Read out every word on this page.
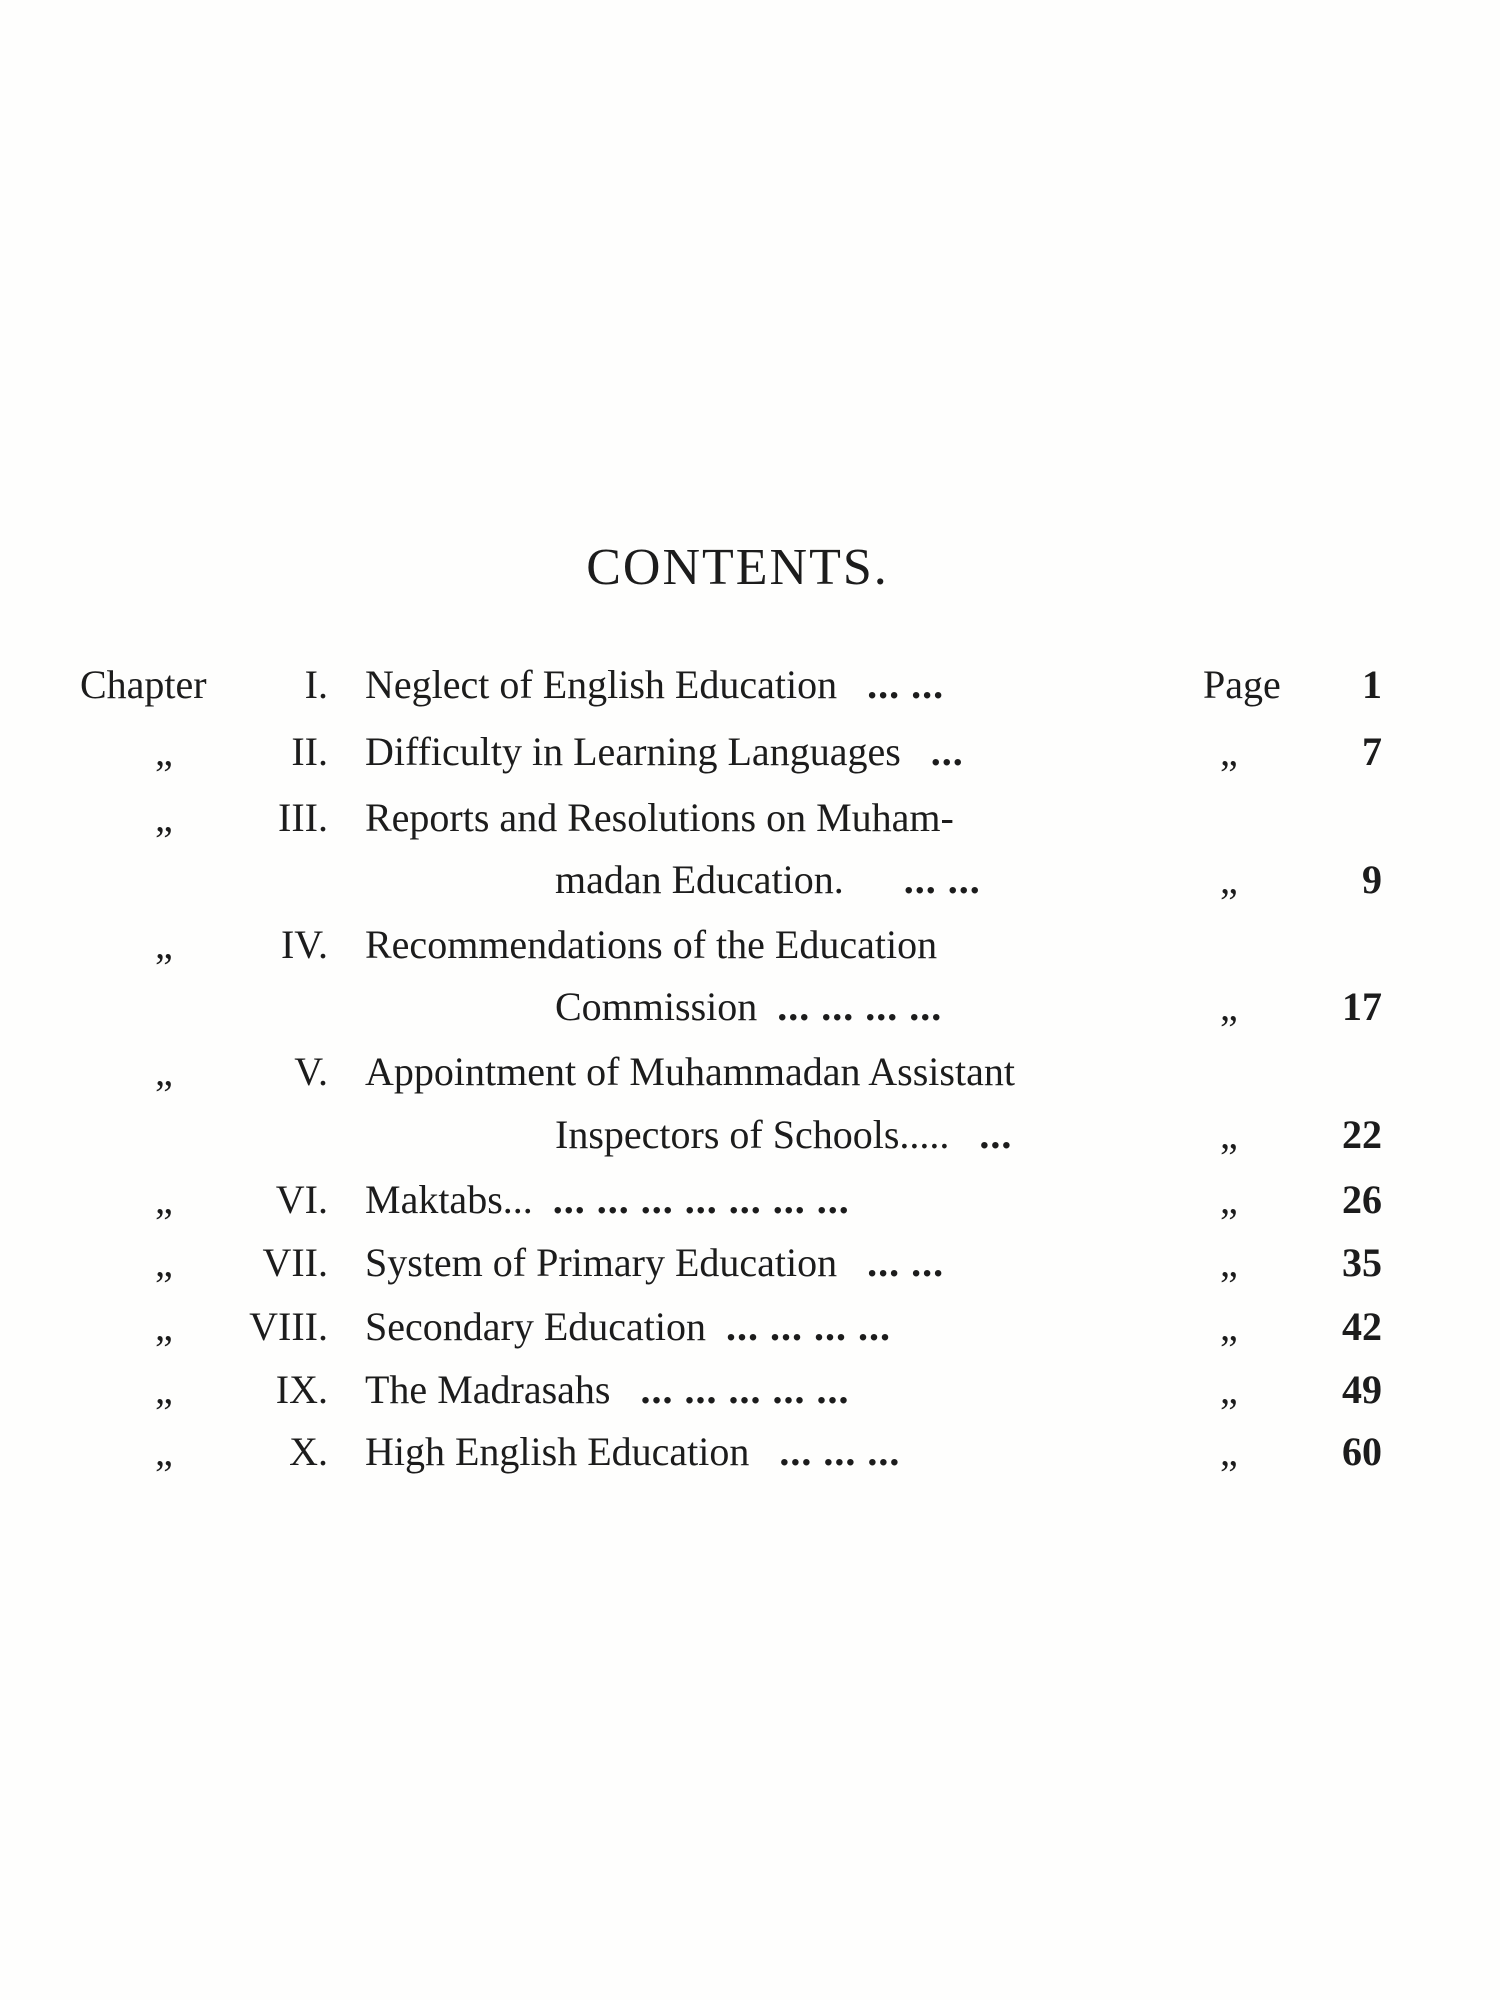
CONTENTS.
Chapter I. Neglect of English Education ... ...	Page 1
„	II. Difficulty in Learning Languages ...	„	7
„	III. Reports and Resolutions on Muham-
madan Education. ... ...	„	9
„	IV. Recommendations of the Education
Commission ... ... ... ...	„	17
„	V. Appointment of Muhammadan Assistant
Inspectors of Schools..... ...	„	22
„	VI. Maktabs... ... ... ... ... ... ... ...	„	26
„ VII. System of Primary Education ... ...	„	35
„ VIII. Secondary Education ... ... ... ...	„	42
„	IX. The Madrasahs ... ... ... ... ...	„	49
„	X. High English Education ... ... ...	„	60
